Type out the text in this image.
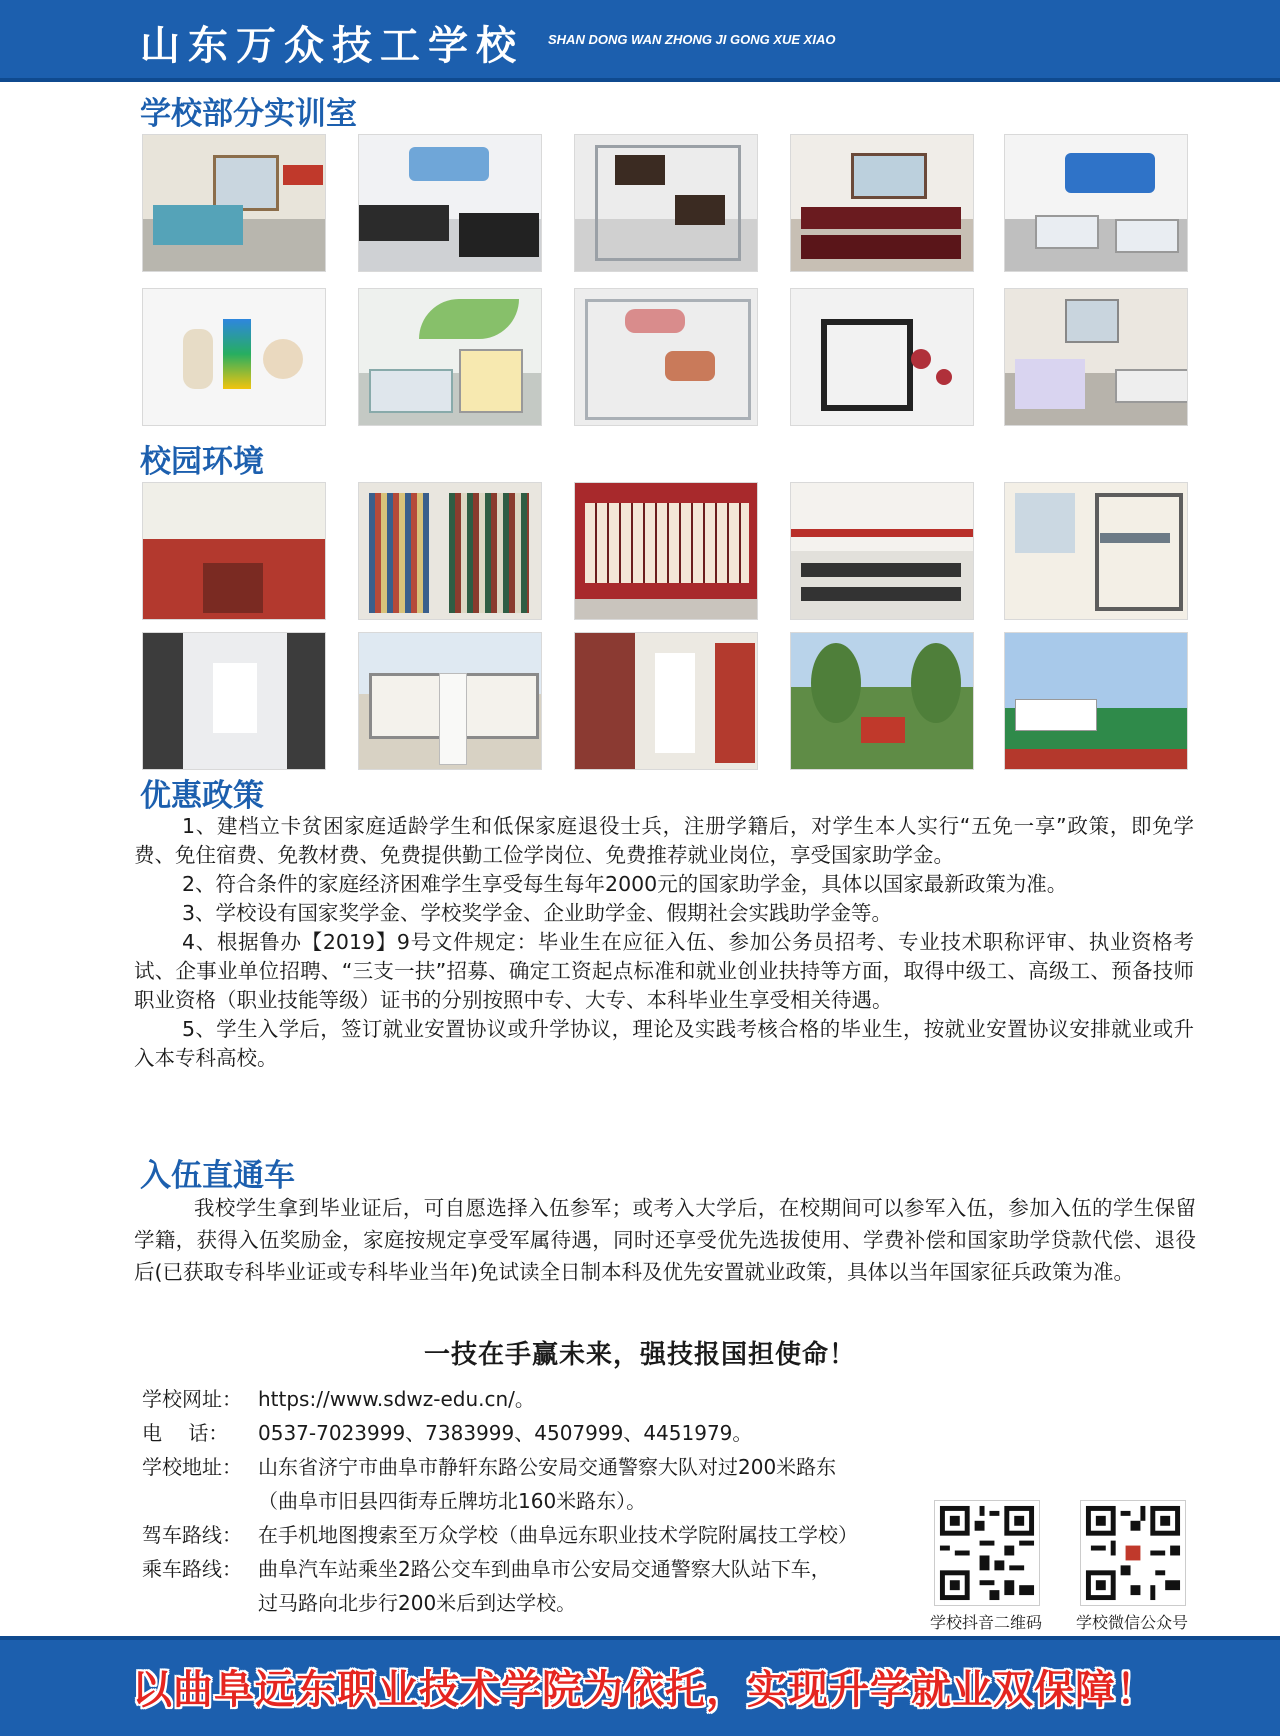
山东万众技工学校 SHAN DONG WAN ZHONG JI GONG XUE XIAO
学校部分实训室
校园环境
优惠政策

1、建档立卡贫困家庭适龄学生和低保家庭退役士兵，注册学籍后，对学生本人实行“五免一享”政策，即免学费、免住宿费、免教材费、免费提供勤工俭学岗位、免费推荐就业岗位，享受国家助学金。

2、符合条件的家庭经济困难学生享受每生每年2000元的国家助学金，具体以国家最新政策为准。

3、学校设有国家奖学金、学校奖学金、企业助学金、假期社会实践助学金等。

4、根据鲁办【2019】9号文件规定：毕业生在应征入伍、参加公务员招考、专业技术职称评审、执业资格考试、企事业单位招聘、“三支一扶”招募、确定工资起点标准和就业创业扶持等方面，取得中级工、高级工、预备技师职业资格（职业技能等级）证书的分别按照中专、大专、本科毕业生享受相关待遇。

5、学生入学后，签订就业安置协议或升学协议，理论及实践考核合格的毕业生，按就业安置协议安排就业或升入本专科高校。

入伍直通车

我校学生拿到毕业证后，可自愿选择入伍参军；或考入大学后，在校期间可以参军入伍，参加入伍的学生保留学籍，获得入伍奖励金，家庭按规定享受军属待遇，同时还享受优先选拔使用、学费补偿和国家助学贷款代偿、退役后(已获取专科毕业证或专科毕业当年)免试读全日制本科及优先安置就业政策，具体以当年国家征兵政策为准。

一技在手赢未来，强技报国担使命！
学校网址： https://www.sdwz-edu.cn/。
电　 话： 0537-7023999、7383999、4507999、4451979。
学校地址： 山东省济宁市曲阜市静轩东路公安局交通警察大队对过200米路东
（曲阜市旧县四街寿丘牌坊北160米路东）。
驾车路线： 在手机地图搜索至万众学校（曲阜远东职业技术学院附属技工学校）
乘车路线： 曲阜汽车站乘坐2路公交车到曲阜市公安局交通警察大队站下车，
过马路向北步行200米后到达学校。
学校抖音二维码	学校微信公众号
以曲阜远东职业技术学院为依托，实现升学就业双保障！
